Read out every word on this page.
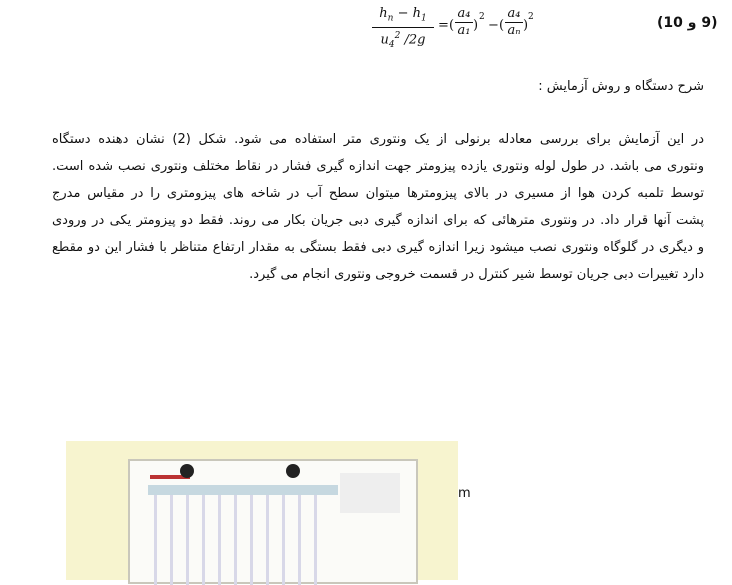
$\frac{h_n - h_1}{u_4^2 /2g}$ = ( $\frac{\text{a₄}}{\text{a₁}}$ )
2
− ( $\frac{\text{a₄}}{\text{aₙ}}$ )
2	(9 و 10)
شرح دستگاه و روش آزمایش :
در این آزمایش برای بررسی معادله برنولی از یک ونتوری متر استفاده می شود. شکل (2) نشان دهنده دستگاه
ونتوری می باشد. در طول لوله ونتوری یازده پیزومتر جهت اندازه گیری فشار در نقاط مختلف ونتوری نصب شده است.
توسط تلمبه کردن هوا از مسیری در بالای پیزومترها میتوان سطح آب در شاخه های پیزومتری را در مقیاس مدرج
پشت آنها قرار داد. در ونتوری مترهائی که برای اندازه گیری دبی جریان بکار می روند. فقط دو پیزومتر یکی در ورودی
و دیگری در گلوگاه ونتوری نصب میشود زیرا اندازه گیری دبی فقط بستگی به مقدار ارتفاع متناظر با فشار این دو مقطع
دارد تغییرات دبی جریان توسط شیر کنترل در قسمت خروجی ونتوری انجام می گیرد.
m
